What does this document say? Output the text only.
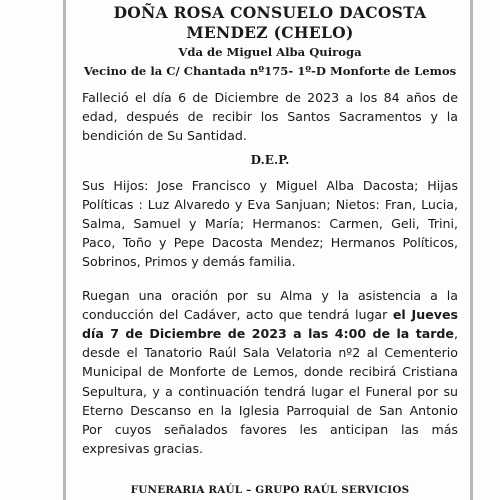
DOÑA ROSA CONSUELO DACOSTA
MENDEZ (CHELO)
Vda de Miguel Alba Quiroga
Vecino de la C/ Chantada nº175- 1º-D Monforte de Lemos

Falleció el día 6 de Diciembre de 2023 a los 84 años de edad, después de recibir los Santos Sacramentos y la bendición de Su Santidad.

D.E.P.

Sus Hijos: Jose Francisco y Miguel Alba Dacosta; Hijas Políticas : Luz Alvaredo y Eva Sanjuan; Nietos: Fran, Lucia, Salma, Samuel y María; Hermanos: Carmen, Geli, Trini, Paco, Toño y Pepe Dacosta Mendez; Hermanos Políticos, Sobrinos, Primos y demás familia.

Ruegan una oración por su Alma y la asistencia a la conducción del Cadáver, acto que tendrá lugar el Jueves día 7 de Diciembre de 2023 a las 4:00 de la tarde, desde el Tanatorio Raúl Sala Velatoria nº2 al Cementerio Municipal de Monforte de Lemos, donde recibirá Cristiana Sepultura, y a continuación tendrá lugar el Funeral por su Eterno Descanso en la Iglesia Parroquial de San Antonio Por cuyos señalados favores les anticipan las más expresivas gracias.

FUNERARIA RAÚL – GRUPO RAÚL SERVICIOS
